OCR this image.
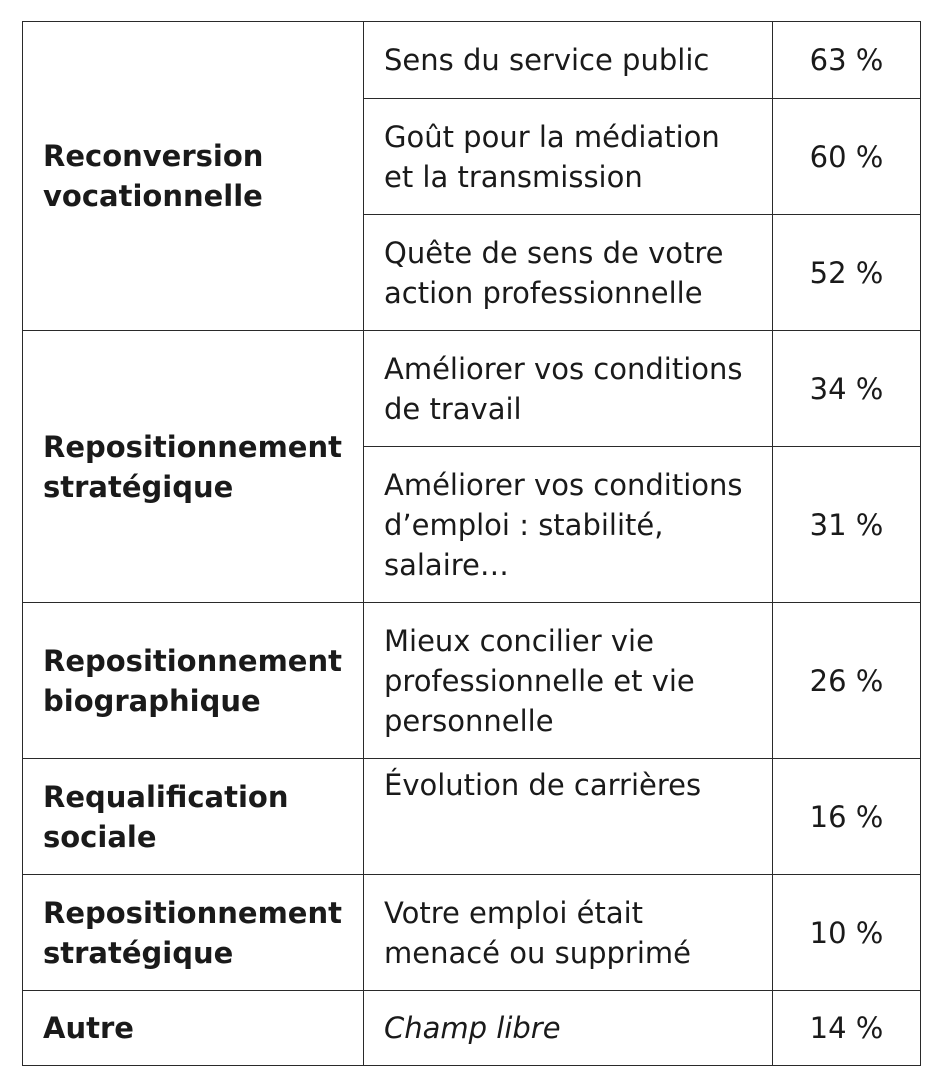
Reconversion vocationnelle	Sens du service public	63 %
	Goût pour la médiation et la transmission	60 %
	Quête de sens de votre action professionnelle	52 %
Repositionnement stratégique	Améliorer vos conditions de travail	34 %
	Améliorer vos conditions d’emploi : stabilité, salaire…	31 %
Repositionnement biographique	Mieux concilier vie professionnelle et vie personnelle	26 %
Requalification sociale	Évolution de carrières	16 %
Repositionnement stratégique	Votre emploi était menacé ou supprimé	10 %
Autre	Champ libre	14 %
